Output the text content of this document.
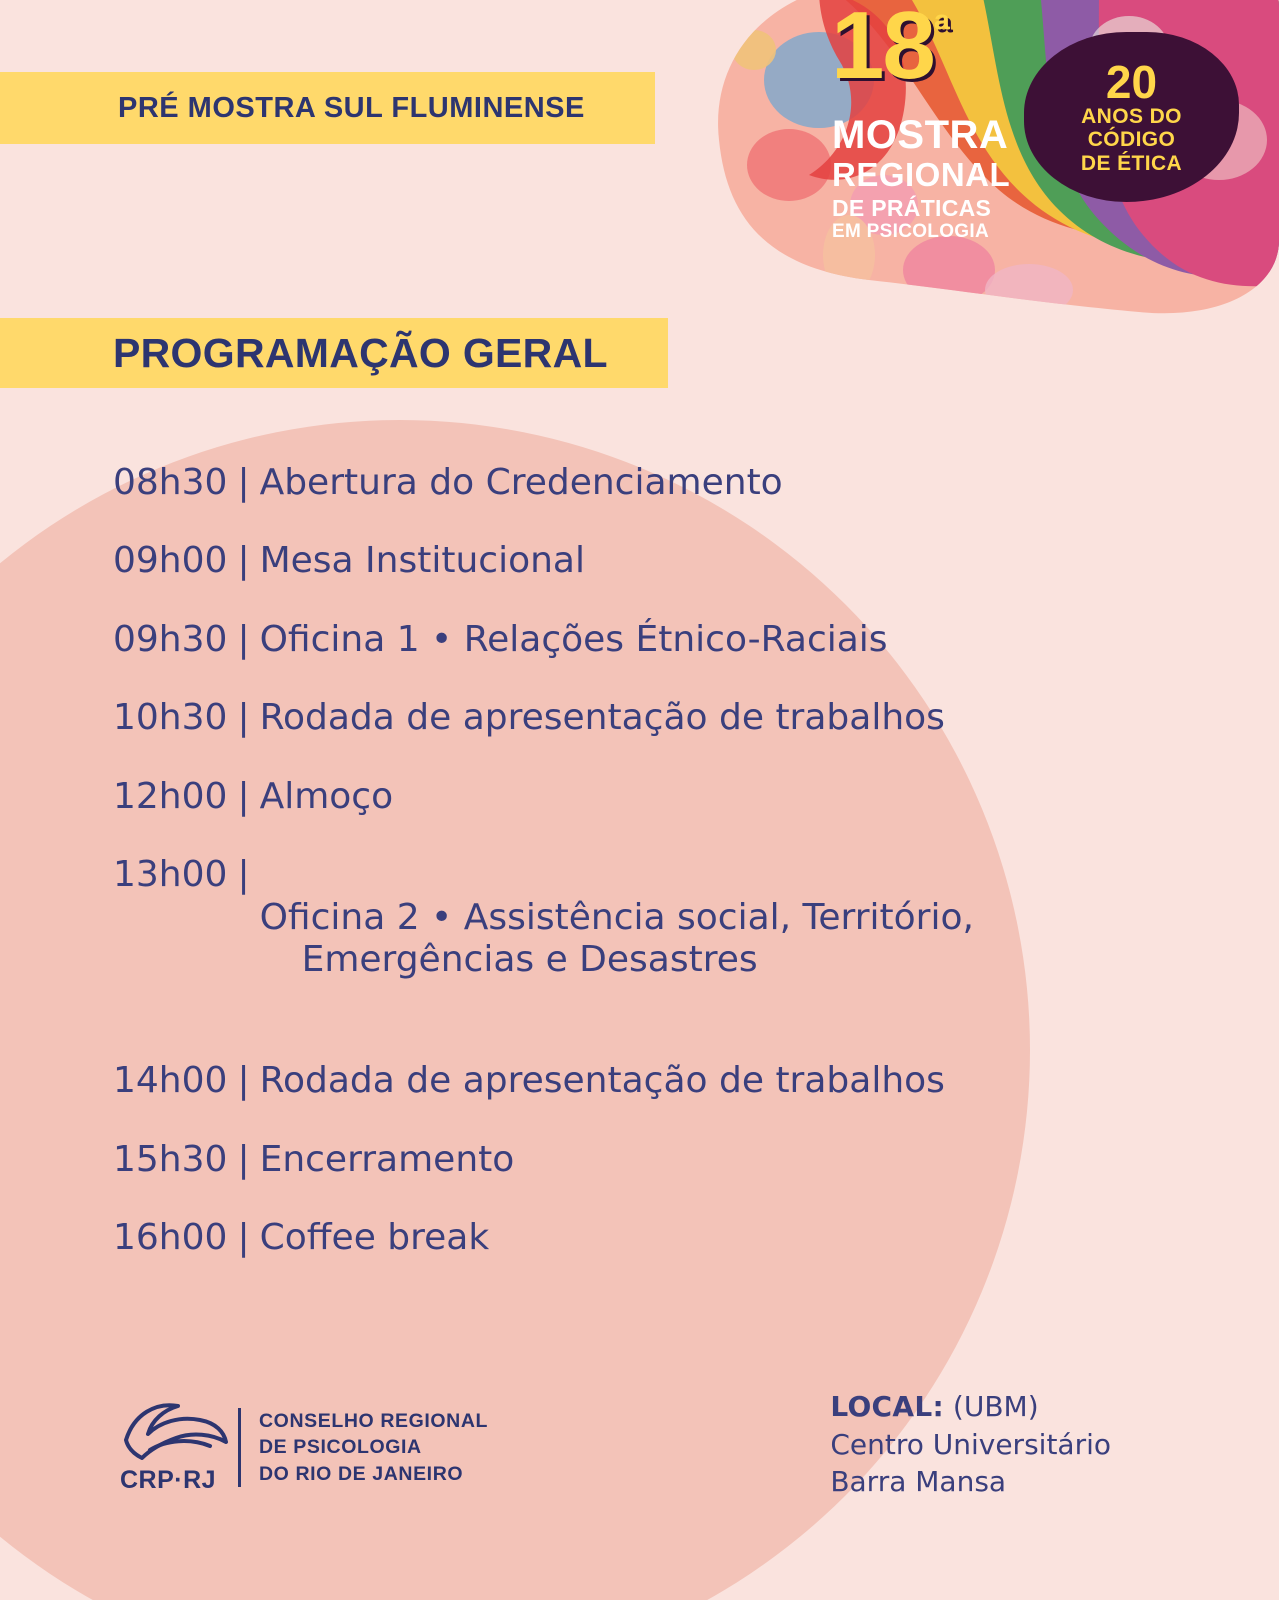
$18^ª$
MOSTRA
REGIONAL
DE PRÁTICAS
EM PSICOLOGIA
20
ANOS DO
CÓDIGO
DE ÉTICA
PRÉ MOSTRA SUL FLUMINENSE
PROGRAMAÇÃO GERAL
08h30 | Abertura do Credenciamento
09h00 | Mesa Institucional
09h30 | Oficina 1 • Relações Étnico-Raciais
10h30 | Rodada de apresentação de trabalhos
12h00 | Almoço
13h00 |

Oficina 2 • Assistência social, Território,

Emergências e Desastres

14h00 | Rodada de apresentação de trabalhos
15h30 | Encerramento
16h00 | Coffee break
CRP·RJ
CONSELHO REGIONAL
DE PSICOLOGIA
DO RIO DE JANEIRO
LOCAL: (UBM)
Centro Universitário
Barra Mansa
